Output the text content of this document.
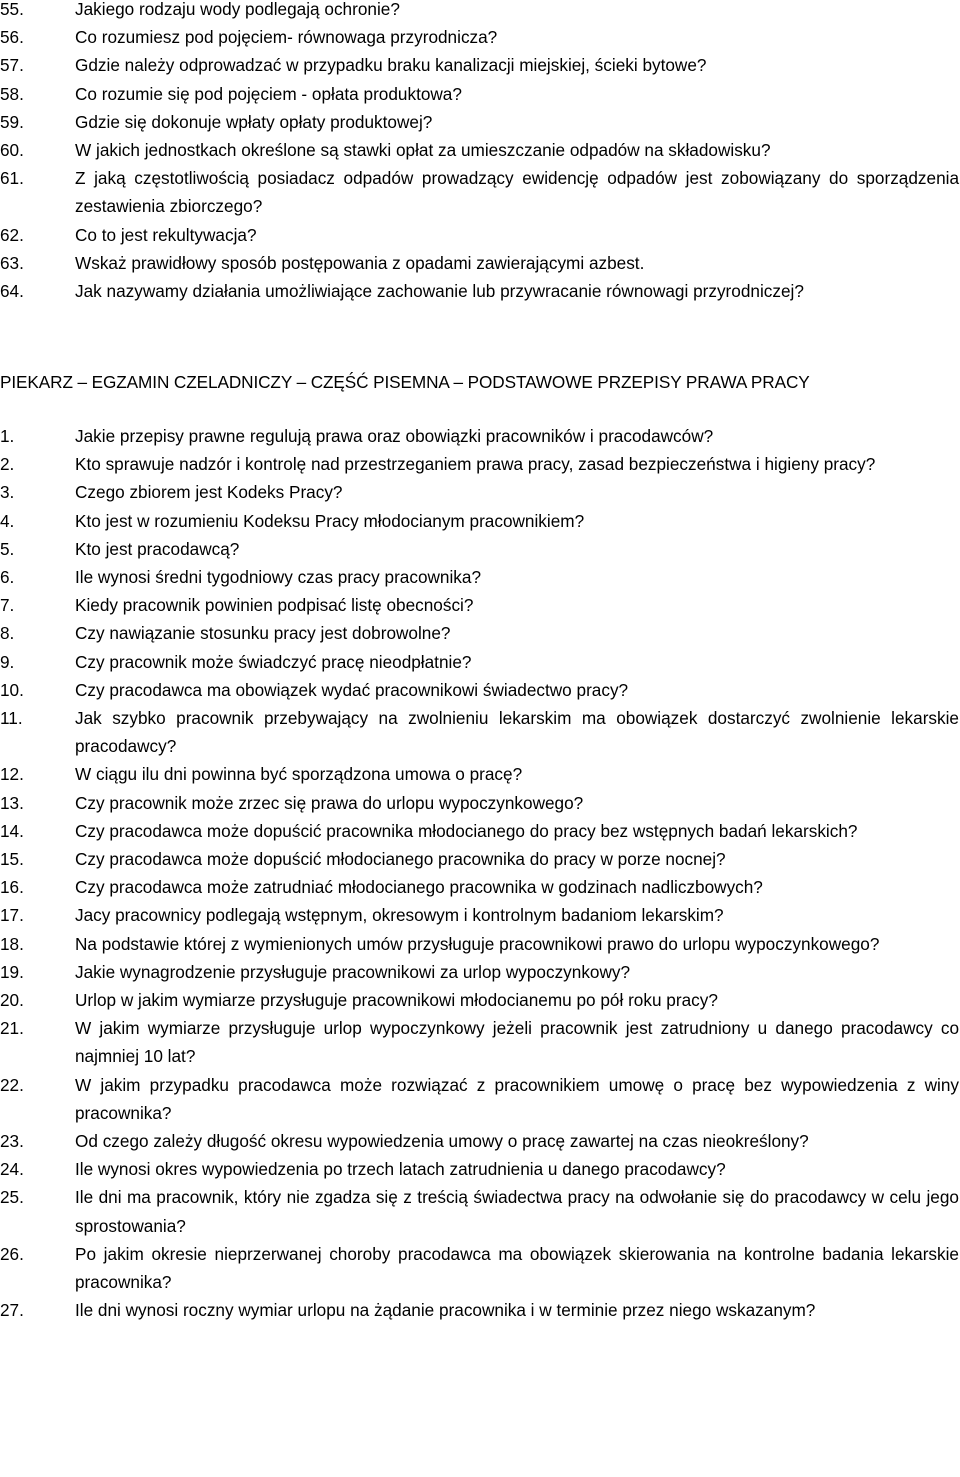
55.	Jakiego rodzaju wody podlegają ochronie?
56.	Co rozumiesz pod pojęciem- równowaga przyrodnicza?
57.	Gdzie należy odprowadzać w przypadku braku kanalizacji miejskiej, ścieki bytowe?
58.	Co rozumie się pod pojęciem - opłata produktowa?
59.	Gdzie się dokonuje wpłaty opłaty produktowej?
60.	W jakich jednostkach określone są stawki opłat za umieszczanie odpadów na składowisku?
61.	Z jaką częstotliwością posiadacz odpadów prowadzący ewidencję odpadów jest zobowiązany do sporządzenia zestawienia zbiorczego?
62.	Co to jest rekultywacja?
63.	Wskaż prawidłowy sposób postępowania z opadami zawierającymi azbest.
64.	Jak nazywamy działania umożliwiające zachowanie lub przywracanie równowagi przyrodniczej?
PIEKARZ – EGZAMIN CZELADNICZY – CZĘŚĆ PISEMNA – PODSTAWOWE PRZEPISY PRAWA PRACY
1.	Jakie przepisy prawne regulują prawa oraz obowiązki pracowników i pracodawców?
2.	Kto sprawuje nadzór i kontrolę nad przestrzeganiem prawa pracy, zasad bezpieczeństwa i higieny pracy?
3.	Czego zbiorem jest Kodeks Pracy?
4.	Kto jest w rozumieniu Kodeksu Pracy młodocianym pracownikiem?
5.	Kto jest pracodawcą?
6.	Ile wynosi średni tygodniowy czas pracy pracownika?
7.	Kiedy pracownik powinien podpisać listę obecności?
8.	Czy nawiązanie stosunku pracy jest dobrowolne?
9.	Czy pracownik może świadczyć pracę nieodpłatnie?
10.	Czy pracodawca ma obowiązek wydać pracownikowi świadectwo pracy?
11.	Jak szybko pracownik przebywający na zwolnieniu lekarskim ma obowiązek dostarczyć zwolnienie lekarskie pracodawcy?
12.	W ciągu ilu dni powinna być sporządzona umowa o pracę?
13.	Czy pracownik może zrzec się prawa do urlopu wypoczynkowego?
14.	Czy pracodawca może dopuścić pracownika młodocianego do pracy bez wstępnych badań lekarskich?
15.	Czy pracodawca może dopuścić młodocianego pracownika do pracy w porze nocnej?
16.	Czy pracodawca może zatrudniać młodocianego pracownika w godzinach nadliczbowych?
17.	Jacy pracownicy podlegają wstępnym, okresowym i kontrolnym badaniom lekarskim?
18.	Na podstawie której z wymienionych umów przysługuje pracownikowi prawo do urlopu wypoczynkowego?
19.	Jakie wynagrodzenie przysługuje pracownikowi za urlop wypoczynkowy?
20.	Urlop w jakim wymiarze przysługuje pracownikowi młodocianemu po pół roku pracy?
21.	W jakim wymiarze przysługuje urlop wypoczynkowy jeżeli pracownik jest zatrudniony u danego pracodawcy co najmniej 10 lat?
22.	W jakim przypadku pracodawca może rozwiązać z pracownikiem umowę o pracę bez wypowiedzenia z winy pracownika?
23.	Od czego zależy długość okresu wypowiedzenia umowy o pracę zawartej na czas nieokreślony?
24.	Ile wynosi okres wypowiedzenia po trzech latach zatrudnienia u danego pracodawcy?
25.	Ile dni ma pracownik, który nie zgadza się z treścią świadectwa pracy na odwołanie się do pracodawcy w celu jego sprostowania?
26.	Po jakim okresie nieprzerwanej choroby pracodawca ma obowiązek skierowania na kontrolne badania lekarskie pracownika?
27.	Ile dni wynosi roczny wymiar urlopu na żądanie pracownika i w terminie przez niego wskazanym?
